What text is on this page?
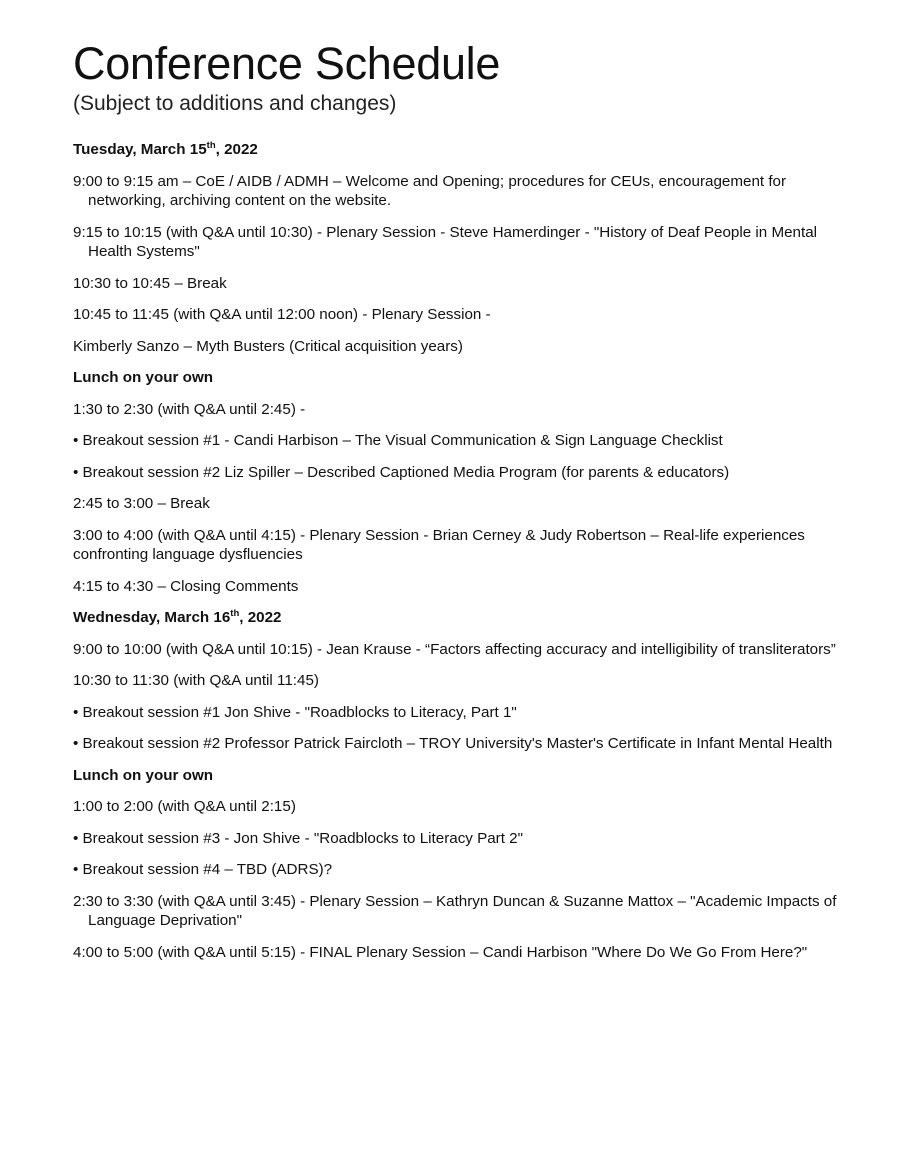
Conference Schedule
(Subject to additions and changes)
Tuesday, March 15th, 2022
9:00 to 9:15 am – CoE / AIDB / ADMH – Welcome and Opening; procedures for CEUs, encouragement for networking, archiving content on the website.
9:15 to 10:15 (with Q&A until 10:30) - Plenary Session - Steve Hamerdinger - "History of Deaf People in Mental Health Systems"
10:30 to 10:45 – Break
10:45 to 11:45 (with Q&A until 12:00 noon) - Plenary Session -
Kimberly Sanzo – Myth Busters (Critical acquisition years)
Lunch on your own
1:30 to 2:30 (with Q&A until 2:45) -
• Breakout session #1 - Candi Harbison – The Visual Communication & Sign Language Checklist
• Breakout session #2 Liz Spiller – Described Captioned Media Program (for parents & educators)
2:45 to 3:00 – Break
3:00 to 4:00 (with Q&A until 4:15) - Plenary Session - Brian Cerney & Judy Robertson – Real-life experiences confronting language dysfluencies
4:15 to 4:30 – Closing Comments
Wednesday, March 16th, 2022
9:00 to 10:00 (with Q&A until 10:15) - Jean Krause - “Factors affecting accuracy and intelligibility of transliterators”
10:30 to 11:30 (with Q&A until 11:45)
• Breakout session #1 Jon Shive - "Roadblocks to Literacy, Part 1"
• Breakout session #2 Professor Patrick Faircloth – TROY University's Master's Certificate in Infant Mental Health
Lunch on your own
1:00 to 2:00 (with Q&A until 2:15)
• Breakout session #3 - Jon Shive - "Roadblocks to Literacy Part 2"
• Breakout session #4 – TBD (ADRS)?
2:30 to 3:30 (with Q&A until 3:45) - Plenary Session – Kathryn Duncan & Suzanne Mattox – "Academic Impacts of Language Deprivation"
4:00 to 5:00 (with Q&A until 5:15) - FINAL Plenary Session – Candi Harbison "Where Do We Go From Here?"
